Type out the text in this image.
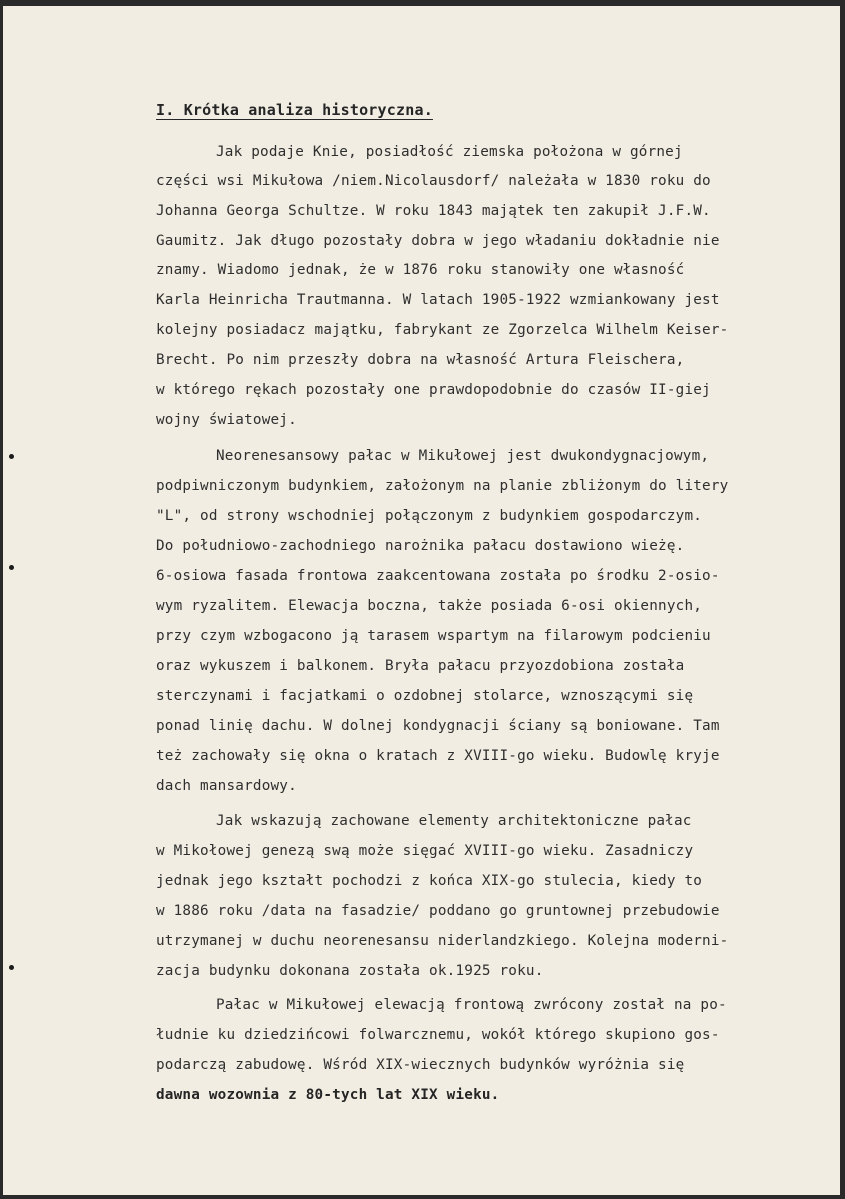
I. Krótka analiza historyczna.
Jak podaje Knie, posiadłość ziemska położona w górnej
części wsi Mikułowa /niem.Nicolausdorf/ należała w 1830 roku do
Johanna Georga Schultze. W roku 1843 majątek ten zakupił J.F.W.
Gaumitz. Jak długo pozostały dobra w jego władaniu dokładnie nie
znamy. Wiadomo jednak, że w 1876 roku stanowiły one własność
Karla Heinricha Trautmanna. W latach 1905-1922 wzmiankowany jest
kolejny posiadacz majątku, fabrykant ze Zgorzelca Wilhelm Keiser-
Brecht. Po nim przeszły dobra na własność Artura Fleischera,
w którego rękach pozostały one prawdopodobnie do czasów II-giej
wojny światowej.
Neorenesansowy pałac w Mikułowej jest dwukondygnacjowym,
podpiwniczonym budynkiem, założonym na planie zbliżonym do litery
"L", od strony wschodniej połączonym z budynkiem gospodarczym.
Do południowo-zachodniego narożnika pałacu dostawiono wieżę.
6-osiowa fasada frontowa zaakcentowana została po środku 2-osio-
wym ryzalitem. Elewacja boczna, także posiada 6-osi okiennych,
przy czym wzbogacono ją tarasem wspartym na filarowym podcieniu
oraz wykuszem i balkonem. Bryła pałacu przyozdobiona została
sterczynami i facjatkami o ozdobnej stolarce, wznoszącymi się
ponad linię dachu. W dolnej kondygnacji ściany są boniowane. Tam
też zachowały się okna o kratach z XVIII-go wieku. Budowlę kryje
dach mansardowy.
Jak wskazują zachowane elementy architektoniczne pałac
w Mikołowej genezą swą może sięgać XVIII-go wieku. Zasadniczy
jednak jego kształt pochodzi z końca XIX-go stulecia, kiedy to
w 1886 roku /data na fasadzie/ poddano go gruntownej przebudowie
utrzymanej w duchu neorenesansu niderlandzkiego. Kolejna moderni-
zacja budynku dokonana została ok.1925 roku.
Pałac w Mikułowej elewacją frontową zwrócony został na po-
łudnie ku dziedzińcowi folwarcznemu, wokół którego skupiono gos-
podarczą zabudowę. Wśród XIX-wiecznych budynków wyróżnia się
dawna wozownia z 80-tych lat XIX wieku.
